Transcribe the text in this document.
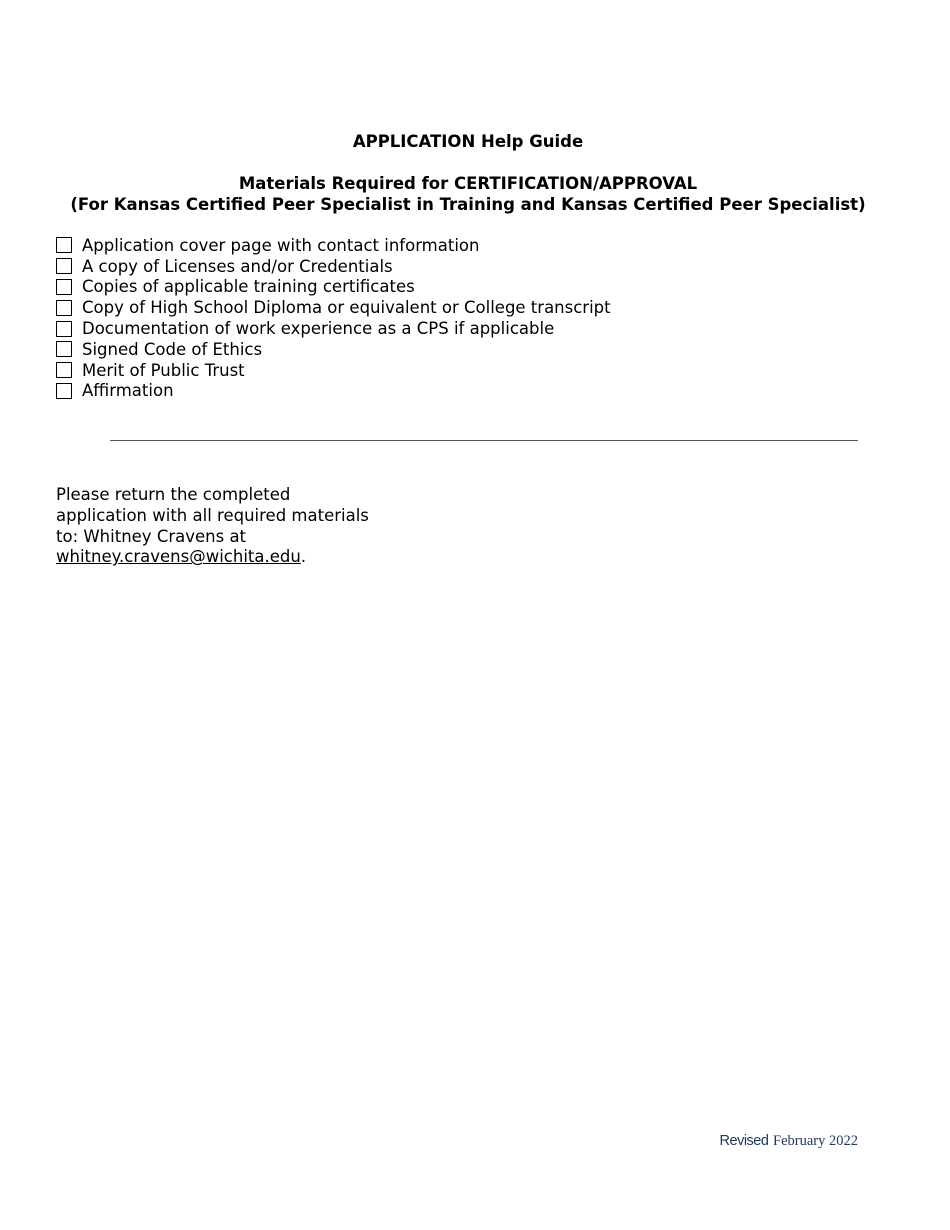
APPLICATION Help Guide
Materials Required for CERTIFICATION/APPROVAL
(For Kansas Certified Peer Specialist in Training and Kansas Certified Peer Specialist)
Application cover page with contact information
A copy of Licenses and/or Credentials
Copies of applicable training certificates
Copy of High School Diploma or equivalent or College transcript
Documentation of work experience as a CPS if applicable
Signed Code of Ethics
Merit of Public Trust
Affirmation
Please return the completed
application with all required materials
to: Whitney Cravens at
whitney.cravens@wichita.edu.
Revised February 2022
